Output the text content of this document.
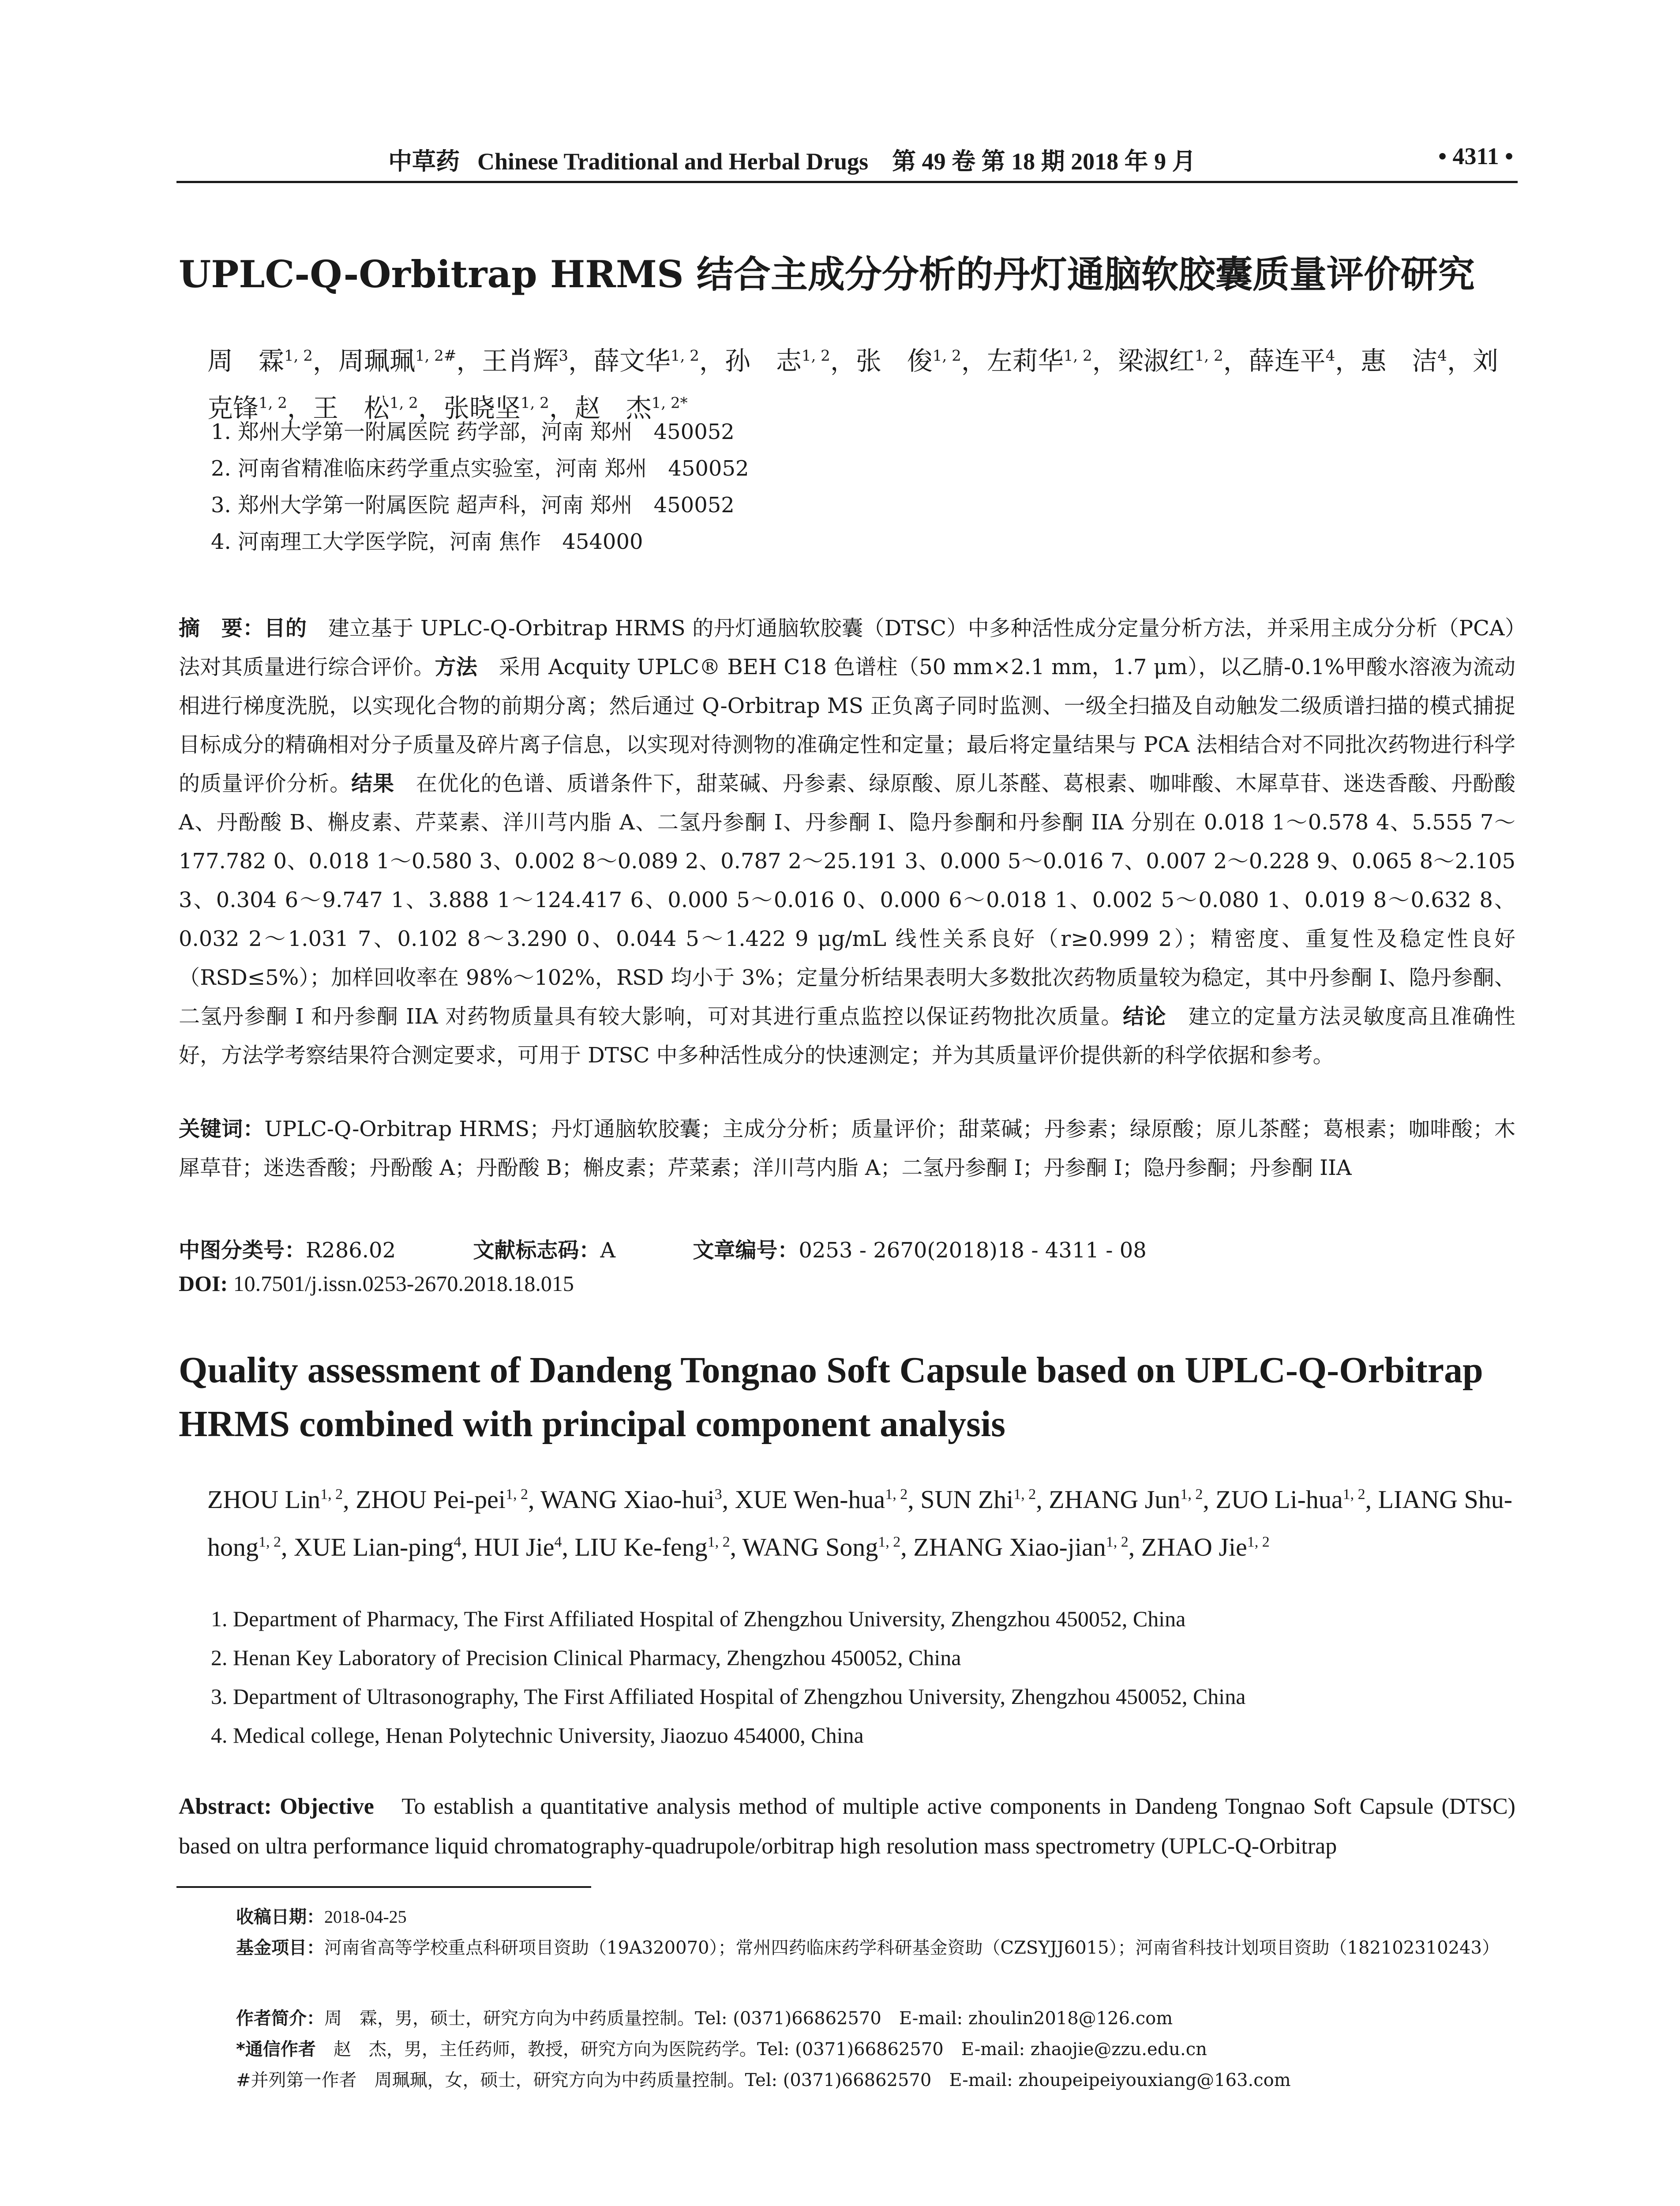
中草药 Chinese Traditional and Herbal Drugs　第 49 卷 第 18 期 2018 年 9 月	• 4311 •
UPLC-Q-Orbitrap HRMS 结合主成分分析的丹灯通脑软胶囊质量评价研究
周　霖$^{1, 2}$，周珮珮$^{1, 2\#}$，王肖辉$^3$，薛文华$^{1, 2}$，孙　志$^{1, 2}$，张　俊$^{1, 2}$，左莉华$^{1, 2}$，梁淑红$^{1, 2}$，薛连平$^4$，惠　洁$^4$，刘克锋$^{1, 2}$，王　松$^{1, 2}$，张晓坚$^{1, 2}$，赵　杰$^{1, 2*}$
1. 郑州大学第一附属医院 药学部，河南 郑州　450052
2. 河南省精准临床药学重点实验室，河南 郑州　450052
3. 郑州大学第一附属医院 超声科，河南 郑州　450052
4. 河南理工大学医学院，河南 焦作　454000
摘　要：目的　建立基于 UPLC-Q-Orbitrap HRMS 的丹灯通脑软胶囊（DTSC）中多种活性成分定量分析方法，并采用主成分分析（PCA）法对其质量进行综合评价。方法　采用 Acquity UPLC® BEH C18 色谱柱（50 mm×2.1 mm，1.7 μm），以乙腈-0.1%甲酸水溶液为流动相进行梯度洗脱，以实现化合物的前期分离；然后通过 Q-Orbitrap MS 正负离子同时监测、一级全扫描及自动触发二级质谱扫描的模式捕捉目标成分的精确相对分子质量及碎片离子信息，以实现对待测物的准确定性和定量；最后将定量结果与 PCA 法相结合对不同批次药物进行科学的质量评价分析。结果　在优化的色谱、质谱条件下，甜菜碱、丹参素、绿原酸、原儿茶醛、葛根素、咖啡酸、木犀草苷、迷迭香酸、丹酚酸 A、丹酚酸 B、槲皮素、芹菜素、洋川芎内脂 A、二氢丹参酮 I、丹参酮 I、隐丹参酮和丹参酮 IIA 分别在 0.018 1～0.578 4、5.555 7～177.782 0、0.018 1～0.580 3、0.002 8～0.089 2、0.787 2～25.191 3、0.000 5～0.016 7、0.007 2～0.228 9、0.065 8～2.105 3、0.304 6～9.747 1、3.888 1～124.417 6、0.000 5～0.016 0、0.000 6～0.018 1、0.002 5～0.080 1、0.019 8～0.632 8、0.032 2～1.031 7、0.102 8～3.290 0、0.044 5～1.422 9 μg/mL 线性关系良好（r≥0.999 2）；精密度、重复性及稳定性良好（RSD≤5%）；加样回收率在 98%～102%，RSD 均小于 3%；定量分析结果表明大多数批次药物质量较为稳定，其中丹参酮 I、隐丹参酮、二氢丹参酮 I 和丹参酮 IIA 对药物质量具有较大影响，可对其进行重点监控以保证药物批次质量。结论　建立的定量方法灵敏度高且准确性好，方法学考察结果符合测定要求，可用于 DTSC 中多种活性成分的快速测定；并为其质量评价提供新的科学依据和参考。
关键词：UPLC-Q-Orbitrap HRMS；丹灯通脑软胶囊；主成分分析；质量评价；甜菜碱；丹参素；绿原酸；原儿茶醛；葛根素；咖啡酸；木犀草苷；迷迭香酸；丹酚酸 A；丹酚酸 B；槲皮素；芹菜素；洋川芎内脂 A；二氢丹参酮 I；丹参酮 I；隐丹参酮；丹参酮 IIA
中图分类号：R286.02	文献标志码：A	文章编号：0253 - 2670(2018)18 - 4311 - 08
DOI: 10.7501/j.issn.0253-2670.2018.18.015
Quality assessment of Dandeng Tongnao Soft Capsule based on UPLC-Q-Orbitrap HRMS combined with principal component analysis
ZHOU Lin$^{1, 2}$, ZHOU Pei-pei$^{1, 2}$, WANG Xiao-hui$^3$, XUE Wen-hua$^{1, 2}$, SUN Zhi$^{1, 2}$, ZHANG Jun$^{1, 2}$, ZUO Li-hua$^{1, 2}$, LIANG Shu-hong$^{1, 2}$, XUE Lian-ping$^4$, HUI Jie$^4$, LIU Ke-feng$^{1, 2}$, WANG Song$^{1, 2}$, ZHANG Xiao-jian$^{1, 2}$, ZHAO Jie$^{1, 2}$
1. Department of Pharmacy, The First Affiliated Hospital of Zhengzhou University, Zhengzhou 450052, China
2. Henan Key Laboratory of Precision Clinical Pharmacy, Zhengzhou 450052, China
3. Department of Ultrasonography, The First Affiliated Hospital of Zhengzhou University, Zhengzhou 450052, China
4. Medical college, Henan Polytechnic University, Jiaozuo 454000, China
Abstract: Objective　To establish a quantitative analysis method of multiple active components in Dandeng Tongnao Soft Capsule (DTSC) based on ultra performance liquid chromatography-quadrupole/orbitrap high resolution mass spectrometry (UPLC-Q-Orbitrap
收稿日期：2018-04-25
基金项目：河南省高等学校重点科研项目资助（19A320070）；常州四药临床药学科研基金资助（CZSYJJ6015）；河南省科技计划项目资助（182102310243）
作者简介：周　霖，男，硕士，研究方向为中药质量控制。Tel: (0371)66862570　E-mail: zhoulin2018@126.com
*通信作者　赵　杰，男，主任药师，教授，研究方向为医院药学。Tel: (0371)66862570　E-mail: zhaojie@zzu.edu.cn
#并列第一作者　周珮珮，女，硕士，研究方向为中药质量控制。Tel: (0371)66862570　E-mail: zhoupeipeiyouxiang@163.com
